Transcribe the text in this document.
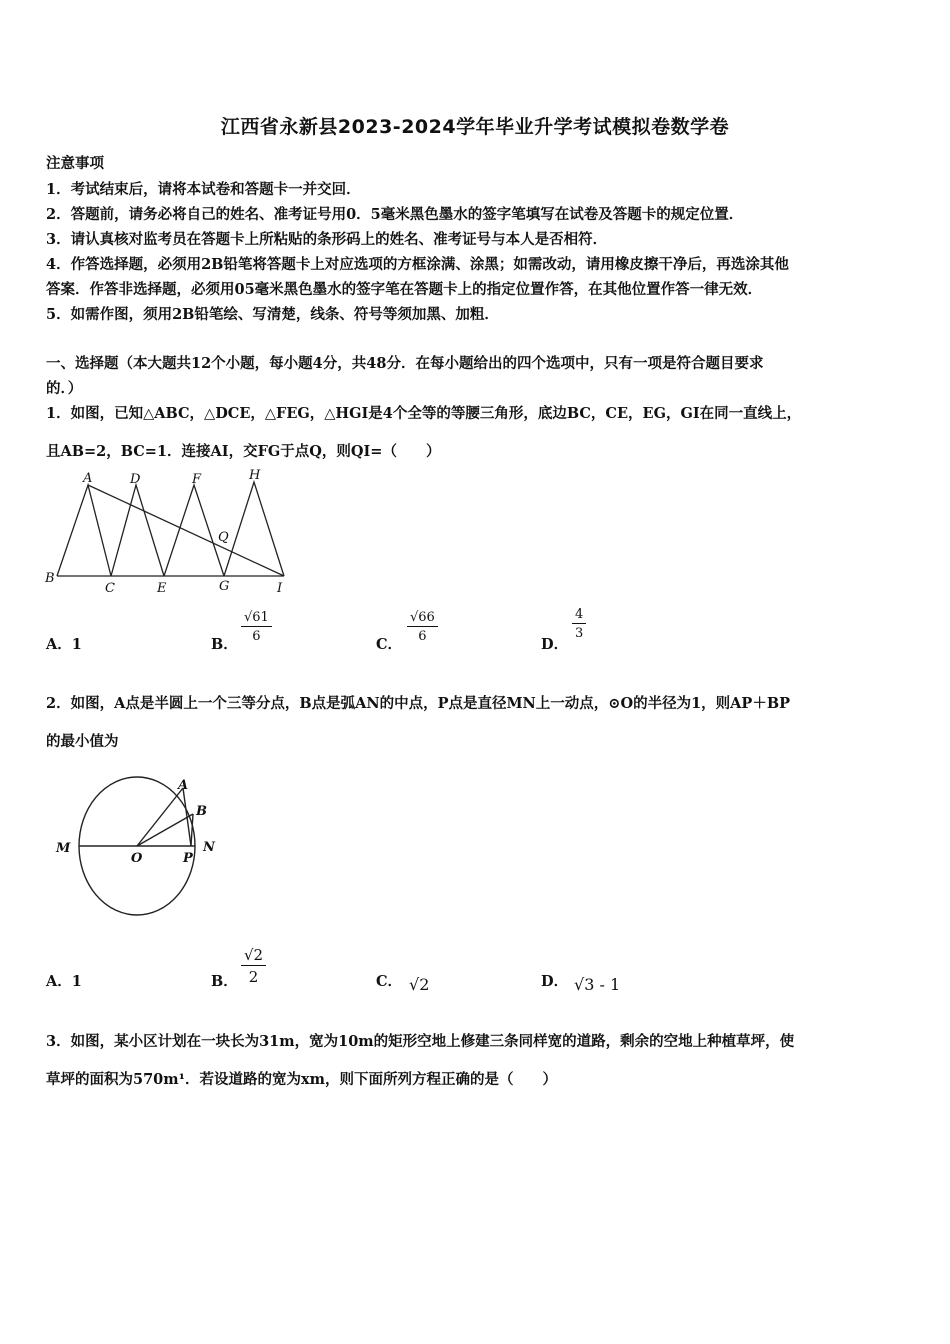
江西省永新县2023-2024学年毕业升学考试模拟卷数学卷
注意事项
1．考试结束后，请将本试卷和答题卡一并交回．
2．答题前，请务必将自己的姓名、准考证号用0．5毫米黑色墨水的签字笔填写在试卷及答题卡的规定位置．
3．请认真核对监考员在答题卡上所粘贴的条形码上的姓名、准考证号与本人是否相符．
4．作答选择题，必须用2B铅笔将答题卡上对应选项的方框涂满、涂黑；如需改动，请用橡皮擦干净后，再选涂其他
答案．作答非选择题，必须用05毫米黑色墨水的签字笔在答题卡上的指定位置作答，在其他位置作答一律无效．
5．如需作图，须用2B铅笔绘、写清楚，线条、符号等须加黑、加粗．
一、选择题（本大题共12个小题，每小题4分，共48分．在每小题给出的四个选项中，只有一项是符合题目要求
的．）
1．如图，已知△ABC，△DCE，△FEG，△HGI是4个全等的等腰三角形，底边BC，CE，EG，GI在同一直线上，
且AB=2，BC=1．连接AI，交FG于点Q，则QI=（　　）
A	D	F	H
Q
B
C	E	G	I
A．1	B．
$\frac{√61}{6}$
C．
$\frac{√66}{6}$
D．
$\frac{4}{3}$
2．如图，A点是半圆上一个三等分点，B点是弧AN的中点，P点是直径MN上一动点，⊙O的半径为1，则AP＋BP
的最小值为
A
B
M
O	P
N
A．1	B． $\frac{√2}{2}$	C． √2	D． √3 - 1
3．如图，某小区计划在一块长为31m，宽为10m的矩形空地上修建三条同样宽的道路，剩余的空地上种植草坪，使
草坪的面积为570m¹．若设道路的宽为xm，则下面所列方程正确的是（　　）
